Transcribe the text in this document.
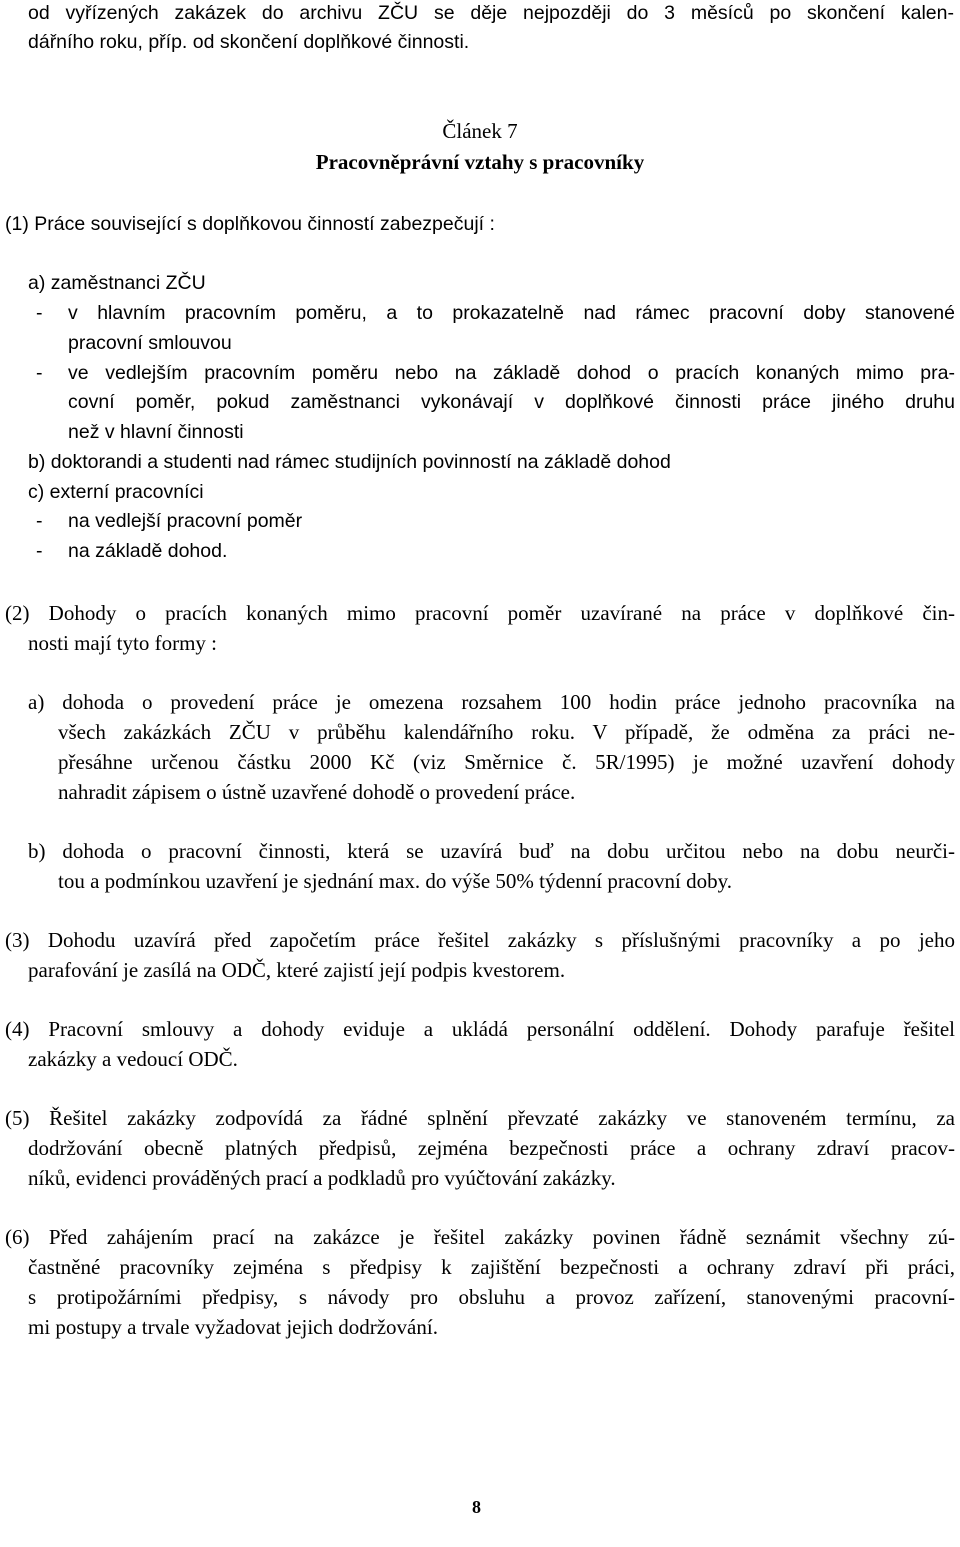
od vyřízených zakázek do archivu ZČU se děje nejpozději do 3 měsíců po skončení kalen-
dářního roku, příp. od skončení doplňkové činnosti.
Článek 7
Pracovněprávní vztahy s pracovníky
(1) Práce související s doplňkovou činností zabezpečují :
a) zaměstnanci ZČU
- v hlavním pracovním poměru, a to prokazatelně nad rámec pracovní doby stanovené
pracovní smlouvou
- ve vedlejším pracovním poměru nebo na základě dohod o pracích konaných mimo pra-
covní poměr, pokud zaměstnanci vykonávají v doplňkové činnosti práce jiného druhu
než v hlavní činnosti
b) doktorandi a studenti nad rámec studijních povinností na základě dohod
c) externí pracovníci
- na vedlejší pracovní poměr
- na základě dohod.
(2) Dohody o pracích konaných mimo pracovní poměr uzavírané na práce v doplňkové čin-
nosti mají tyto formy :
a) dohoda o provedení práce je omezena rozsahem 100 hodin práce jednoho pracovníka na
všech zakázkách ZČU v průběhu kalendářního roku. V případě, že odměna za práci ne-
přesáhne určenou částku 2000 Kč (viz Směrnice č. 5R/1995) je možné uzavření dohody
nahradit zápisem o ústně uzavřené dohodě o provedení práce.
b) dohoda o pracovní činnosti, která se uzavírá buď na dobu určitou nebo na dobu neurči-
tou a podmínkou uzavření je sjednání max. do výše 50% týdenní pracovní doby.
(3) Dohodu uzavírá před započetím práce řešitel zakázky s příslušnými pracovníky a po jeho
parafování je zasílá na ODČ, které zajistí její podpis kvestorem.
(4) Pracovní smlouvy a dohody eviduje a ukládá personální oddělení. Dohody parafuje řešitel
zakázky a vedoucí ODČ.
(5) Řešitel zakázky zodpovídá za řádné splnění převzaté zakázky ve stanoveném termínu, za
dodržování obecně platných předpisů, zejména bezpečnosti práce a ochrany zdraví pracov-
níků, evidenci prováděných prací a podkladů pro vyúčtování zakázky.
(6) Před zahájením prací na zakázce je řešitel zakázky povinen řádně seznámit všechny zú-
častněné pracovníky zejména s předpisy k zajištění bezpečnosti a ochrany zdraví při práci,
s protipožárními předpisy, s návody pro obsluhu a provoz zařízení, stanovenými pracovní-
mi postupy a trvale vyžadovat jejich dodržování.
8
